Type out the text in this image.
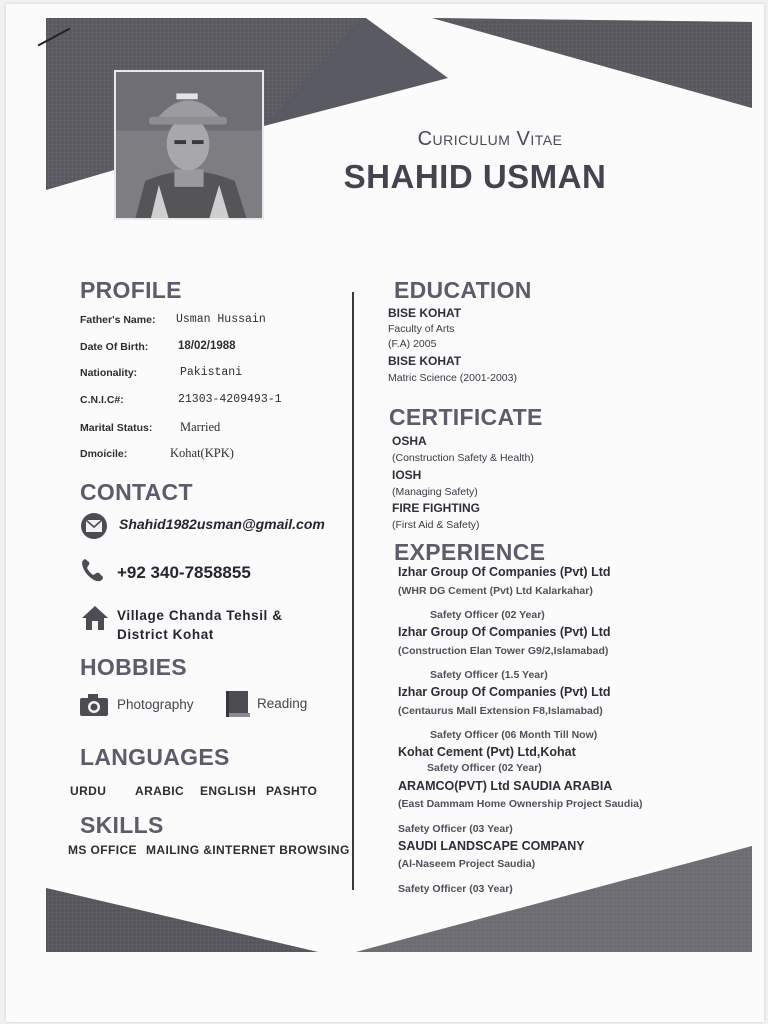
Curiculum Vitae
SHAHID USMAN
PROFILE
Father's Name: Usman Hussain
Date Of Birth:	18/02/1988
Nationality:	Pakistani
C.N.I.C#:	21303-4209493-1
Marital Status: Married
Dmoicile:	Kohat(KPK)
CONTACT
Shahid1982usman@gmail.com
+92 340-7858855
Village Chanda Tehsil &
District Kohat
HOBBIES
Photography	Reading
LANGUAGES
URDU ARABIC ENGLISH PASHTO
SKILLS
MS OFFICE MAILING &INTERNET BROWSING
EDUCATION
BISE KOHAT
Faculty of Arts
(F.A) 2005
BISE KOHAT
Matric Science (2001-2003)
CERTIFICATE
OSHA
(Construction Safety & Health)
IOSH
(Managing Safety)
FIRE FIGHTING
(First Aid & Safety)
EXPERIENCE
Izhar Group Of Companies (Pvt) Ltd
(WHR DG Cement (Pvt) Ltd Kalarkahar)
Safety Officer (02 Year)
Izhar Group Of Companies (Pvt) Ltd
(Construction Elan Tower G9/2,Islamabad)
Safety Officer (1.5 Year)
Izhar Group Of Companies (Pvt) Ltd
(Centaurus Mall Extension F8,Islamabad)
Safety Officer (06 Month Till Now)
Kohat Cement (Pvt) Ltd,Kohat
Safety Officer (02 Year)
ARAMCO(PVT) Ltd SAUDIA ARABIA
(East Dammam Home Ownership Project Saudia)
Safety Officer (03 Year)
SAUDI LANDSCAPE COMPANY
(Al-Naseem Project Saudia)
Safety Officer (03 Year)
